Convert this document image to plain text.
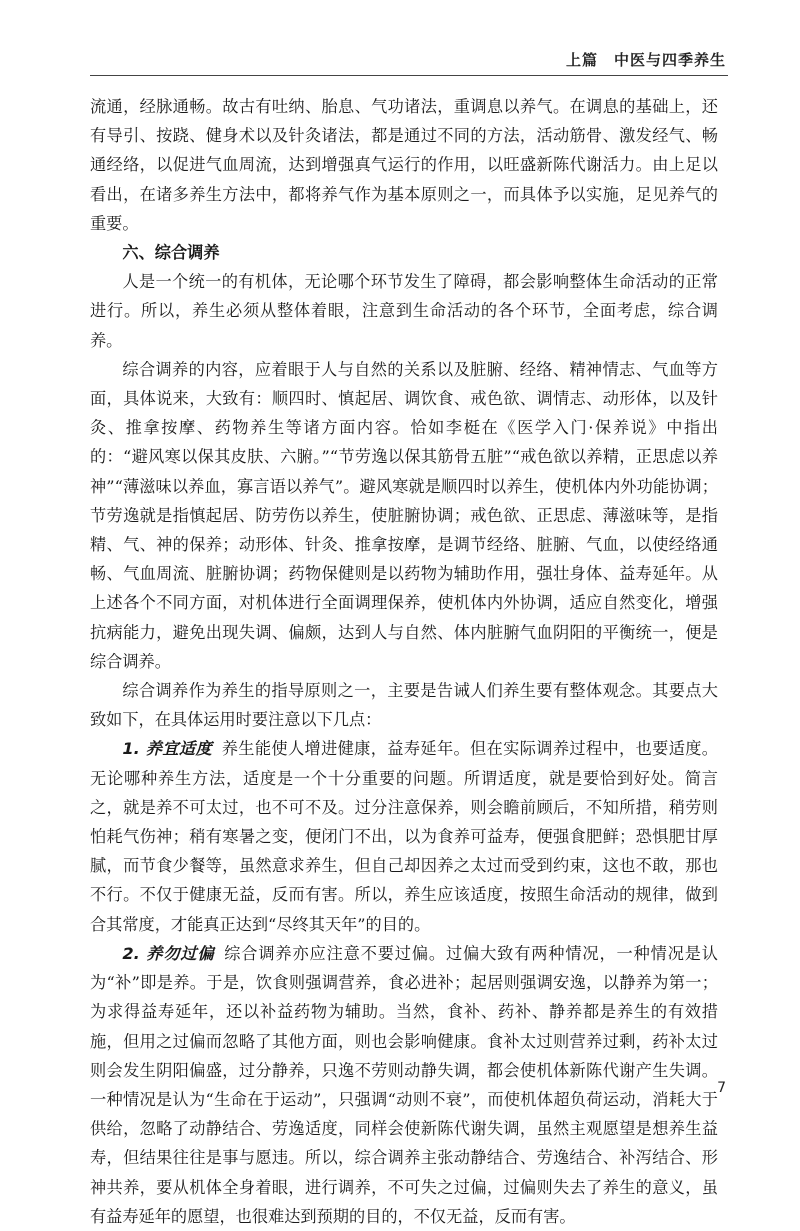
上篇　中医与四季养生

流通，经脉通畅。故古有吐纳、胎息、气功诸法，重调息以养气。在调息的基础上，还有导引、按跷、健身术以及针灸诸法，都是通过不同的方法，活动筋骨、激发经气、畅通经络，以促进气血周流，达到增强真气运行的作用，以旺盛新陈代谢活力。由上足以看出，在诸多养生方法中，都将养气作为基本原则之一，而具体予以实施，足见养气的重要。

六、综合调养

人是一个统一的有机体，无论哪个环节发生了障碍，都会影响整体生命活动的正常进行。所以，养生必须从整体着眼，注意到生命活动的各个环节，全面考虑，综合调养。

综合调养的内容，应着眼于人与自然的关系以及脏腑、经络、精神情志、气血等方面，具体说来，大致有：顺四时、慎起居、调饮食、戒色欲、调情志、动形体，以及针灸、推拿按摩、药物养生等诸方面内容。恰如李梃在《医学入门·保养说》中指出的：“避风寒以保其皮肤、六腑。”“节劳逸以保其筋骨五脏”“戒色欲以养精，正思虑以养神”“薄滋味以养血，寡言语以养气”。避风寒就是顺四时以养生，使机体内外功能协调；节劳逸就是指慎起居、防劳伤以养生，使脏腑协调；戒色欲、正思虑、薄滋味等，是指精、气、神的保养；动形体、针灸、推拿按摩，是调节经络、脏腑、气血，以使经络通畅、气血周流、脏腑协调；药物保健则是以药物为辅助作用，强壮身体、益寿延年。从上述各个不同方面，对机体进行全面调理保养，使机体内外协调，适应自然变化，增强抗病能力，避免出现失调、偏颇，达到人与自然、体内脏腑气血阴阳的平衡统一，便是综合调养。

综合调养作为养生的指导原则之一，主要是告诫人们养生要有整体观念。其要点大致如下，在具体运用时要注意以下几点：

1. 养宜适度 养生能使人增进健康，益寿延年。但在实际调养过程中，也要适度。无论哪种养生方法，适度是一个十分重要的问题。所谓适度，就是要恰到好处。简言之，就是养不可太过，也不可不及。过分注意保养，则会瞻前顾后，不知所措，稍劳则怕耗气伤神；稍有寒暑之变，便闭门不出，以为食养可益寿，便强食肥鲜；恐惧肥甘厚腻，而节食少餐等，虽然意求养生，但自己却因养之太过而受到约束，这也不敢，那也不行。不仅于健康无益，反而有害。所以，养生应该适度，按照生命活动的规律，做到合其常度，才能真正达到“尽终其天年”的目的。

2. 养勿过偏 综合调养亦应注意不要过偏。过偏大致有两种情况，一种情况是认为“补”即是养。于是，饮食则强调营养，食必进补；起居则强调安逸，以静养为第一；为求得益寿延年，还以补益药物为辅助。当然，食补、药补、静养都是养生的有效措施，但用之过偏而忽略了其他方面，则也会影响健康。食补太过则营养过剩，药补太过则会发生阴阳偏盛，过分静养，只逸不劳则动静失调，都会使机体新陈代谢产生失调。一种情况是认为“生命在于运动”，只强调“动则不衰”，而使机体超负荷运动，消耗大于供给，忽略了动静结合、劳逸适度，同样会使新陈代谢失调，虽然主观愿望是想养生益寿，但结果往往是事与愿违。所以，综合调养主张动静结合、劳逸结合、补泻结合、形神共养，要从机体全身着眼，进行调养，不可失之过偏，过偏则失去了养生的意义，虽有益寿延年的愿望，也很难达到预期的目的，不仅无益，反而有害。

7
